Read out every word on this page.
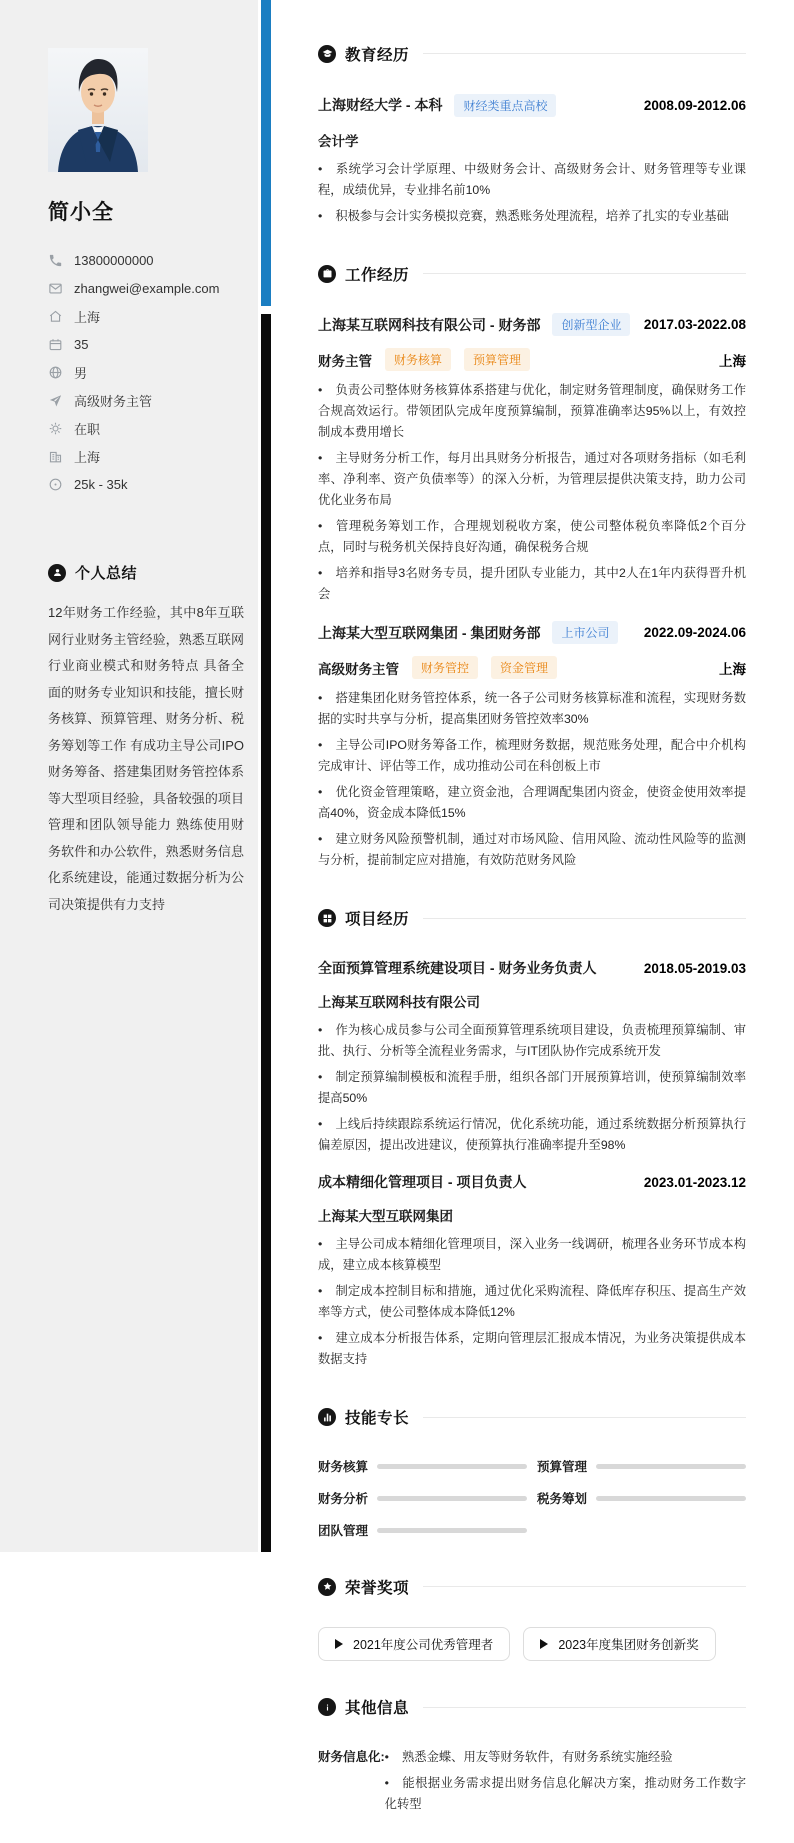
简小全
13800000000
zhangwei@example.com
上海
35
男
高级财务主管
在职
上海
25k - 35k
个人总结

12年财务工作经验，其中8年互联网行业财务主管经验，熟悉互联网行业商业模式和财务特点 具备全面的财务专业知识和技能，擅长财务核算、预算管理、财务分析、税务筹划等工作 有成功主导公司IPO财务筹备、搭建集团财务管控体系等大型项目经验，具备较强的项目管理和团队领导能力 熟练使用财务软件和办公软件，熟悉财务信息化系统建设，能通过数据分析为公司决策提供有力支持

教育经历
上海财经大学 - 本科	财经类重点高校	2008.09-2012.06
会计学
• 系统学习会计学原理、中级财务会计、高级财务会计、财务管理等专业课程，成绩优异，专业排名前10%
• 积极参与会计实务模拟竞赛，熟悉账务处理流程，培养了扎实的专业基础
工作经历
上海某互联网科技有限公司 - 财务部	创新型企业	2017.03-2022.08
财务主管	财务核算	预算管理	上海
• 负责公司整体财务核算体系搭建与优化，制定财务管理制度，确保财务工作合规高效运行。带领团队完成年度预算编制，预算准确率达95%以上，有效控制成本费用增长
• 主导财务分析工作，每月出具财务分析报告，通过对各项财务指标（如毛利率、净利率、资产负债率等）的深入分析，为管理层提供决策支持，助力公司优化业务布局
• 管理税务筹划工作，合理规划税收方案，使公司整体税负率降低2个百分点，同时与税务机关保持良好沟通，确保税务合规
• 培养和指导3名财务专员，提升团队专业能力，其中2人在1年内获得晋升机会
上海某大型互联网集团 - 集团财务部	上市公司	2022.09-2024.06
高级财务主管	财务管控	资金管理	上海
• 搭建集团化财务管控体系，统一各子公司财务核算标准和流程，实现财务数据的实时共享与分析，提高集团财务管控效率30%
• 主导公司IPO财务筹备工作，梳理财务数据，规范账务处理，配合中介机构完成审计、评估等工作，成功推动公司在科创板上市
• 优化资金管理策略，建立资金池，合理调配集团内资金，使资金使用效率提高40%，资金成本降低15%
• 建立财务风险预警机制，通过对市场风险、信用风险、流动性风险等的监测与分析，提前制定应对措施，有效防范财务风险
项目经历
全面预算管理系统建设项目 - 财务业务负责人	2018.05-2019.03
上海某互联网科技有限公司
• 作为核心成员参与公司全面预算管理系统项目建设，负责梳理预算编制、审批、执行、分析等全流程业务需求，与IT团队协作完成系统开发
• 制定预算编制模板和流程手册，组织各部门开展预算培训，使预算编制效率提高50%
• 上线后持续跟踪系统运行情况，优化系统功能，通过系统数据分析预算执行偏差原因，提出改进建议，使预算执行准确率提升至98%
成本精细化管理项目 - 项目负责人	2023.01-2023.12
上海某大型互联网集团
• 主导公司成本精细化管理项目，深入业务一线调研，梳理各业务环节成本构成，建立成本核算模型
• 制定成本控制目标和措施，通过优化采购流程、降低库存积压、提高生产效率等方式，使公司整体成本降低12%
• 建立成本分析报告体系，定期向管理层汇报成本情况，为业务决策提供成本数据支持
技能专长
财务核算	预算管理
财务分析	税务筹划
团队管理
荣誉奖项
2021年度公司优秀管理者	2023年度集团财务创新奖
其他信息
财务信息化:	• 熟悉金蝶、用友等财务软件，有财务系统实施经验
• 能根据业务需求提出财务信息化解决方案，推动财务工作数字化转型
